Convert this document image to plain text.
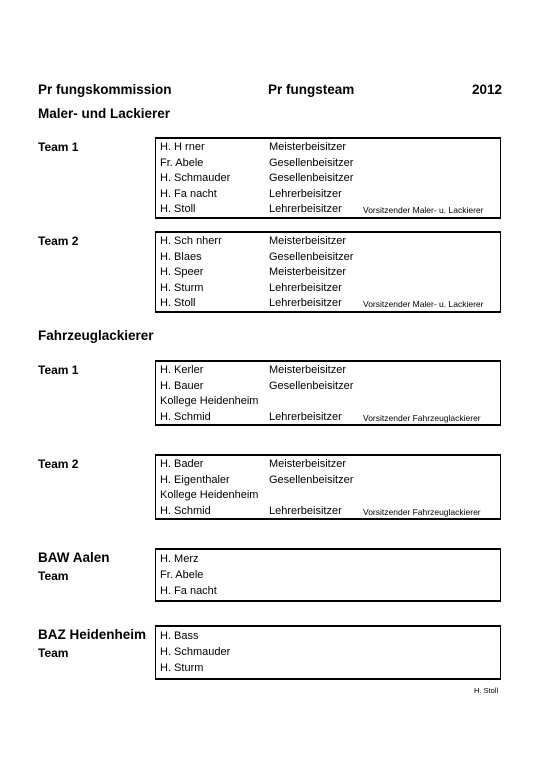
Pr fungskommission	Pr fungsteam	2012
Maler- und Lackierer
Team 1	H. H rner	Meisterbeisitzer
Fr. Abele	Gesellenbeisitzer
H. Schmauder	Gesellenbeisitzer
H. Fa nacht	Lehrerbeisitzer
H. Stoll	Lehrerbeisitzer Vorsitzender Maler- u. Lackierer
Team 2	H. Sch nherr	Meisterbeisitzer
H. Blaes	Gesellenbeisitzer
H. Speer	Meisterbeisitzer
H. Sturm	Lehrerbeisitzer
H. Stoll	Lehrerbeisitzer Vorsitzender Maler- u. Lackierer
Fahrzeuglackierer
Team 1	H. Kerler	Meisterbeisitzer
H. Bauer	Gesellenbeisitzer
Kollege Heidenheim
H. Schmid	Lehrerbeisitzer Vorsitzender Fahrzeuglackierer
Team 2	H. Bader	Meisterbeisitzer
H. Eigenthaler	Gesellenbeisitzer
Kollege Heidenheim
H. Schmid	Lehrerbeisitzer Vorsitzender Fahrzeuglackierer
BAW Aalen
Team
H. Merz
Fr. Abele
H. Fa nacht
BAZ Heidenheim
Team
H. Bass
H. Schmauder
H. Sturm
H. Stoll
